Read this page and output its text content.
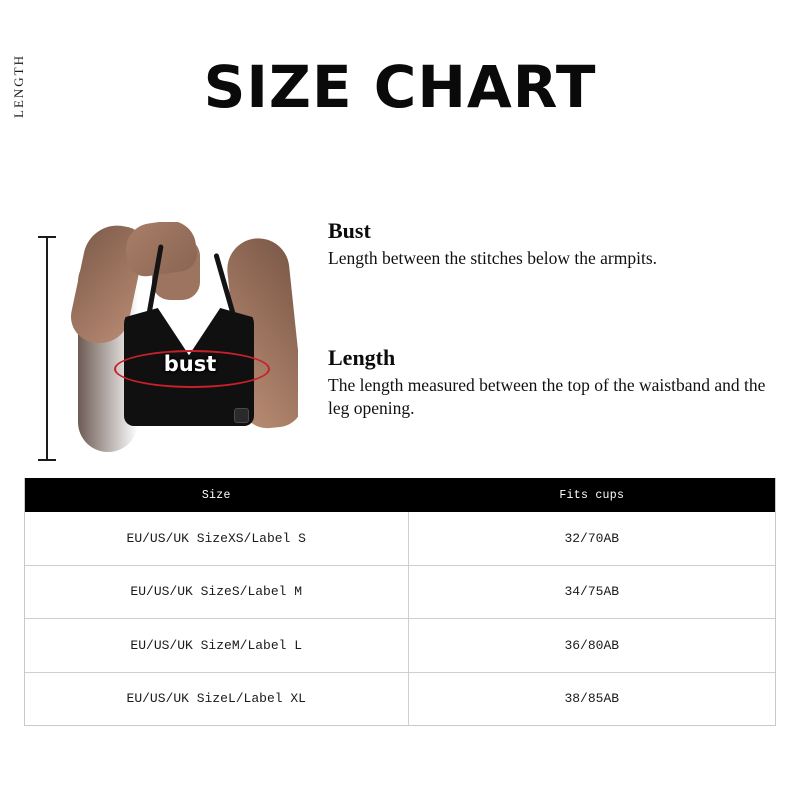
SIZE CHART
LENGTH
bust

Bust

Length between the stitches below the armpits.

Length

The length measured between the top of the waistband and the leg opening.

Size	Fits cups
EU/US/UK SizeXS/Label S	32/70AB
EU/US/UK SizeS/Label M	34/75AB
EU/US/UK SizeM/Label L	36/80AB
EU/US/UK SizeL/Label XL	38/85AB
